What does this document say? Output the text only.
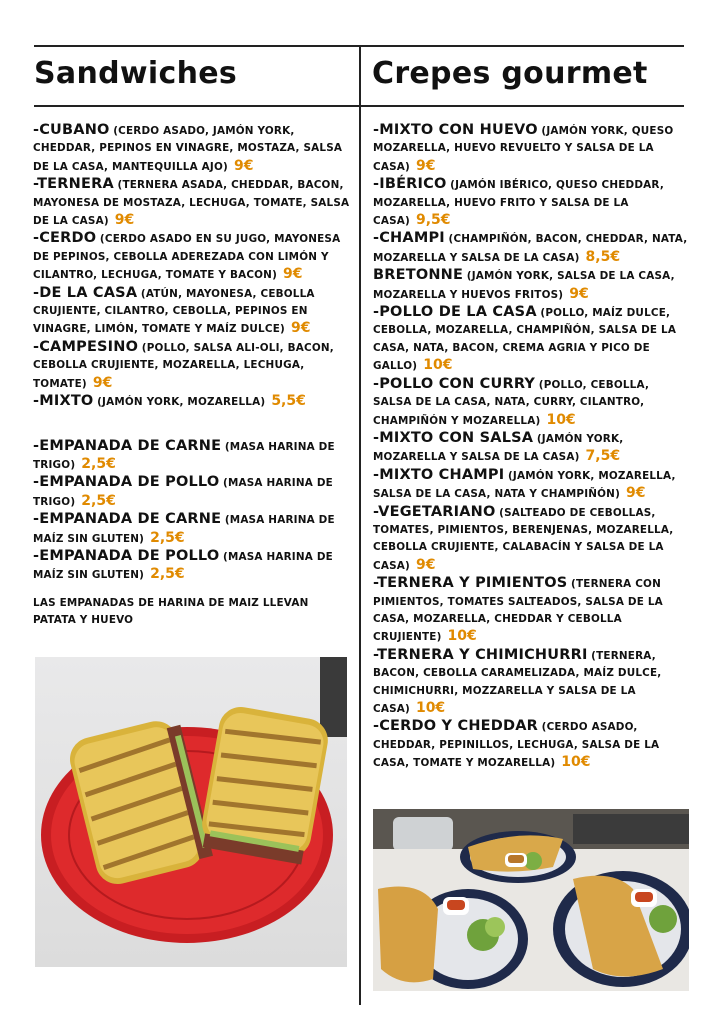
Sandwiches	Crepes gourmet
-CUBANO (CERDO ASADO, JAMÓN YORK, CHEDDAR, PEPINOS EN VINAGRE, MOSTAZA, SALSA DE LA CASA, MANTEQUILLA AJO) 9€
-TERNERA (TERNERA ASADA, CHEDDAR, BACON, MAYONESA DE MOSTAZA, LECHUGA, TOMATE, SALSA DE LA CASA) 9€
-CERDO (CERDO ASADO EN SU JUGO, MAYONESA DE PEPINOS, CEBOLLA ADEREZADA CON LIMÓN Y CILANTRO, LECHUGA, TOMATE Y BACON) 9€
-DE LA CASA (ATÚN, MAYONESA, CEBOLLA CRUJIENTE, CILANTRO, CEBOLLA, PEPINOS EN VINAGRE, LIMÓN, TOMATE Y MAÍZ DULCE) 9€
-CAMPESINO (POLLO, SALSA ALI-OLI, BACON, CEBOLLA CRUJIENTE, MOZARELLA, LECHUGA, TOMATE) 9€
-MIXTO (JAMÓN YORK, MOZARELLA) 5,5€
-EMPANADA DE CARNE (MASA HARINA DE TRIGO) 2,5€
-EMPANADA DE POLLO (MASA HARINA DE TRIGO) 2,5€
-EMPANADA DE CARNE (MASA HARINA DE MAÍZ SIN GLUTEN) 2,5€
-EMPANADA DE POLLO (MASA HARINA DE MAÍZ SIN GLUTEN) 2,5€
LAS EMPANADAS DE HARINA DE MAIZ LLEVAN PATATA Y HUEVO
-MIXTO CON HUEVO (JAMÓN YORK, QUESO MOZARELLA, HUEVO REVUELTO Y SALSA DE LA CASA) 9€
-IBÉRICO (JAMÓN IBÉRICO, QUESO CHEDDAR, MOZARELLA, HUEVO FRITO Y SALSA DE LA CASA) 9,5€
-CHAMPI (CHAMPIÑÓN, BACON, CHEDDAR, NATA, MOZARELLA Y SALSA DE LA CASA) 8,5€
BRETONNE (JAMÓN YORK, SALSA DE LA CASA, MOZARELLA Y HUEVOS FRITOS) 9€
-POLLO DE LA CASA (POLLO, MAÍZ DULCE, CEBOLLA, MOZARELLA, CHAMPIÑÓN, SALSA DE LA CASA, NATA, BACON, CREMA AGRIA Y PICO DE GALLO) 10€
-POLLO CON CURRY (POLLO, CEBOLLA, SALSA DE LA CASA, NATA, CURRY, CILANTRO, CHAMPIÑÓN Y MOZARELLA) 10€
-MIXTO CON SALSA (JAMÓN YORK, MOZARELLA Y SALSA DE LA CASA) 7,5€
-MIXTO CHAMPI (JAMÓN YORK, MOZARELLA, SALSA DE LA CASA, NATA Y CHAMPIÑÓN) 9€
-VEGETARIANO (SALTEADO DE CEBOLLAS, TOMATES, PIMIENTOS, BERENJENAS, MOZARELLA, CEBOLLA CRUJIENTE, CALABACÍN Y SALSA DE LA CASA) 9€
-TERNERA Y PIMIENTOS (TERNERA CON PIMIENTOS, TOMATES SALTEADOS, SALSA DE LA CASA, MOZARELLA, CHEDDAR Y CEBOLLA CRUJIENTE) 10€
-TERNERA Y CHIMICHURRI (TERNERA, BACON, CEBOLLA CARAMELIZADA, MAÍZ DULCE, CHIMICHURRI, MOZZARELLA Y SALSA DE LA CASA) 10€
-CERDO Y CHEDDAR (CERDO ASADO, CHEDDAR, PEPINILLOS, LECHUGA, SALSA DE LA CASA, TOMATE Y MOZARELLA) 10€
